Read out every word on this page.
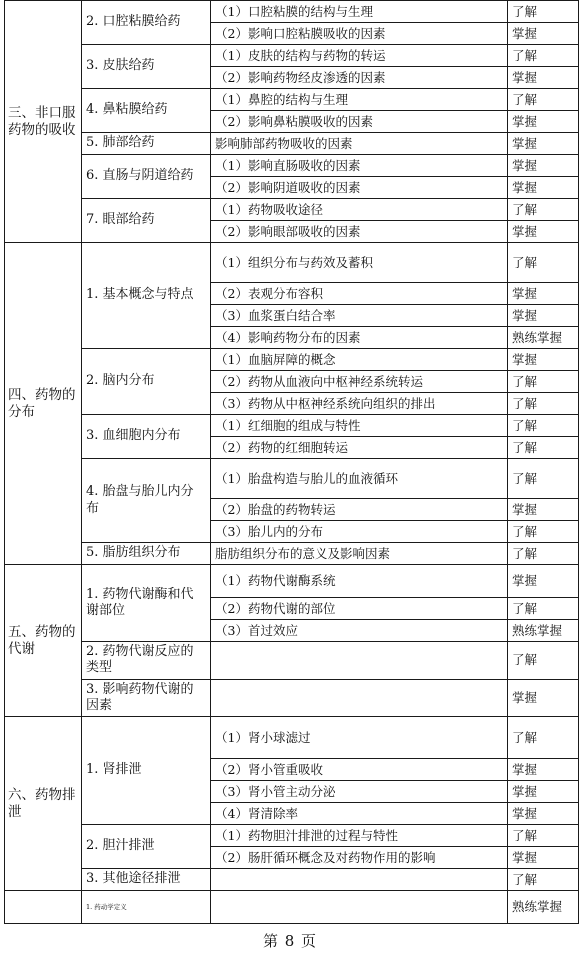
三、非口服药物的吸收	2. 口腔粘膜给药	（1）口腔粘膜的结构与生理	了解
		（2）影响口腔粘膜吸收的因素	掌握
	3. 皮肤给药	（1）皮肤的结构与药物的转运	了解
		（2）影响药物经皮渗透的因素	掌握
	4. 鼻粘膜给药	（1）鼻腔的结构与生理	了解
		（2）影响鼻粘膜吸收的因素	掌握
	5. 肺部给药	影响肺部药物吸收的因素	掌握
	6. 直肠与阴道给药	（1）影响直肠吸收的因素	掌握
		（2）影响阴道吸收的因素	掌握
	7. 眼部给药	（1）药物吸收途径	了解
		（2）影响眼部吸收的因素	掌握
四、药物的分布	1. 基本概念与特点	（1）组织分布与药效及蓄积	了解
		（2）表观分布容积	掌握
		（3）血浆蛋白结合率	掌握
		（4）影响药物分布的因素	熟练掌握
	2. 脑内分布	（1）血脑屏障的概念	掌握
		（2）药物从血液向中枢神经系统转运	了解
		（3）药物从中枢神经系统向组织的排出	了解
	3. 血细胞内分布	（1）红细胞的组成与特性	了解
		（2）药物的红细胞转运	了解
	4. 胎盘与胎儿内分布	（1）胎盘构造与胎儿的血液循环	了解
		（2）胎盘的药物转运	掌握
		（3）胎儿内的分布	了解
	5. 脂肪组织分布	脂肪组织分布的意义及影响因素	了解
五、药物的代谢	1. 药物代谢酶和代谢部位	（1）药物代谢酶系统	掌握
		（2）药物代谢的部位	了解
		（3）首过效应	熟练掌握
	2. 药物代谢反应的类型		了解
	3. 影响药物代谢的因素		掌握
六、药物排泄	1. 肾排泄	（1）肾小球滤过	了解
		（2）肾小管重吸收	掌握
		（3）肾小管主动分泌	掌握
		（4）肾清除率	掌握
	2. 胆汁排泄	（1）药物胆汁排泄的过程与特性	了解
		（2）肠肝循环概念及对药物作用的影响	掌握
	3. 其他途径排泄		了解
	1. 药动学定义		熟练掌握
第 8 页
